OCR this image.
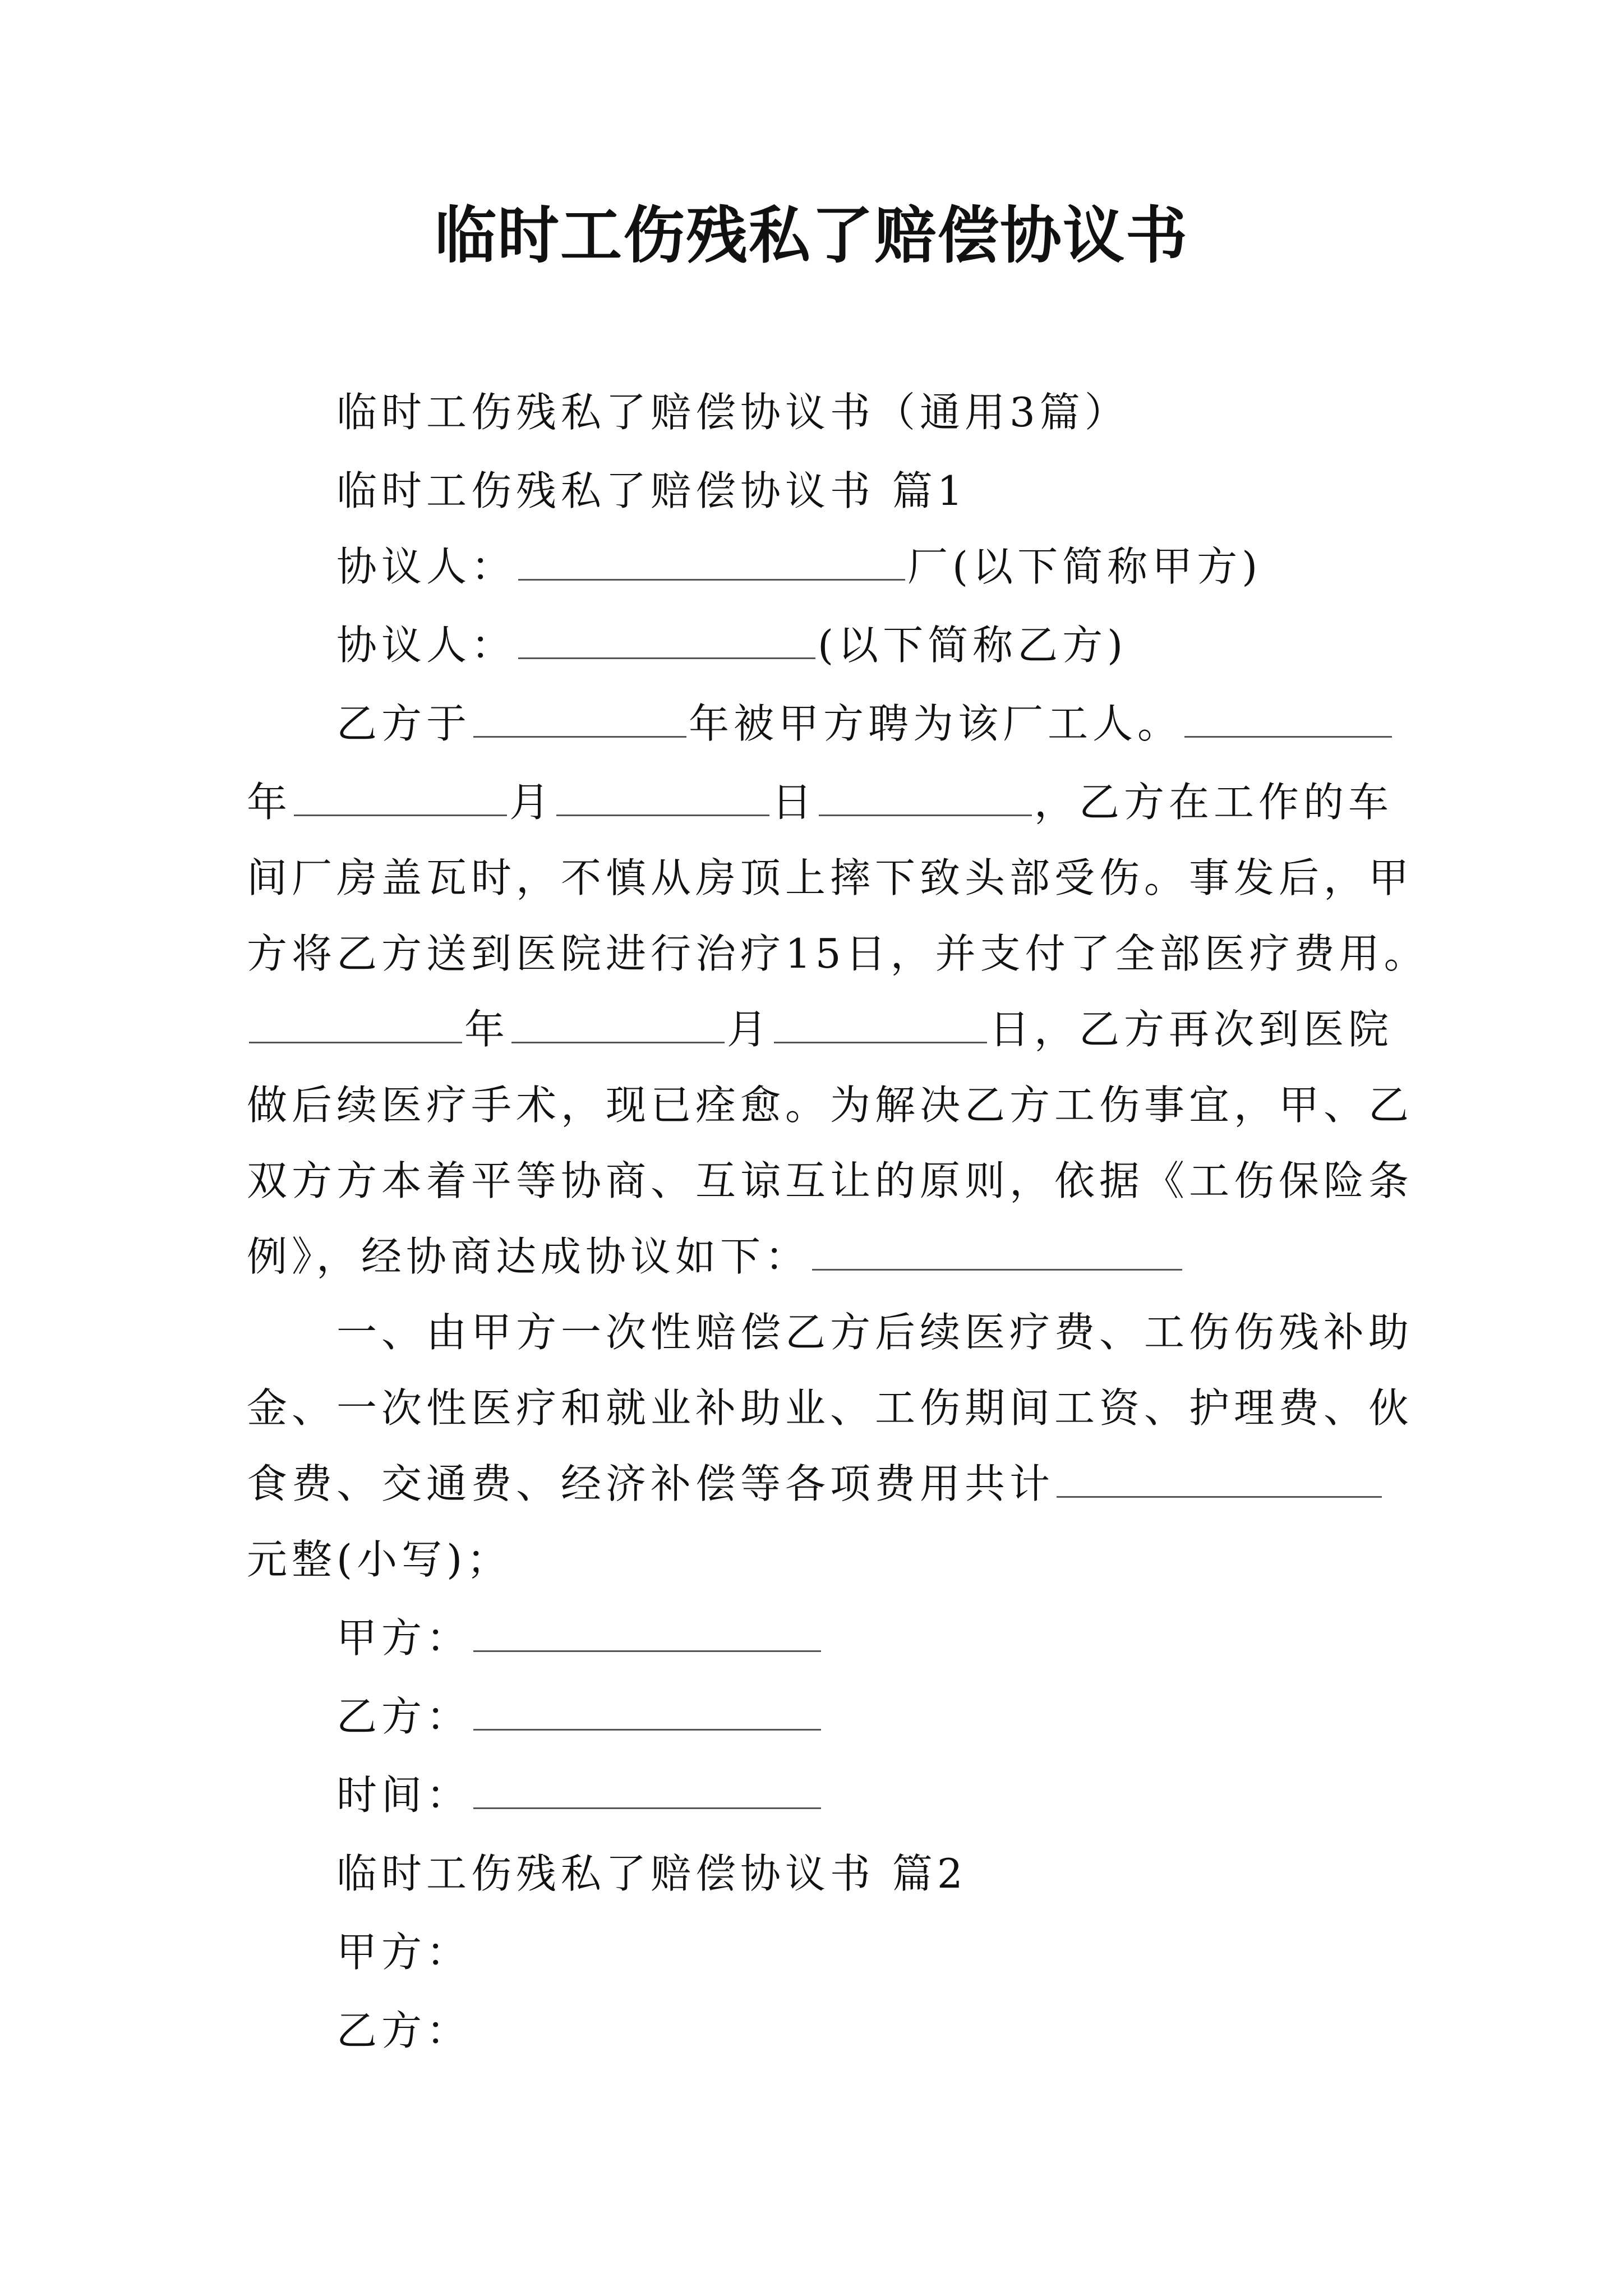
临时工伤残私了赔偿协议书
临时工伤残私了赔偿协议书（通用3篇）
临时工伤残私了赔偿协议书 篇1
协议人：	厂(以下简称甲方)
协议人：	(以下简称乙方)
乙方于	年被甲方聘为该厂工人。
年	月	日	，乙方在工作的车
间厂房盖瓦时，不慎从房顶上摔下致头部受伤。事发后，甲
方将乙方送到医院进行治疗15日，并支付了全部医疗费用。
年	月	日，乙方再次到医院
做后续医疗手术，现已痊愈。为解决乙方工伤事宜，甲、乙
双方方本着平等协商、互谅互让的原则，依据《工伤保险条
例》，经协商达成协议如下：
一、由甲方一次性赔偿乙方后续医疗费、工伤伤残补助
金、一次性医疗和就业补助业、工伤期间工资、护理费、伙
食费、交通费、经济补偿等各项费用共计
元整(小写)；
甲方：
乙方：
时间：
临时工伤残私了赔偿协议书 篇2
甲方：
乙方：
